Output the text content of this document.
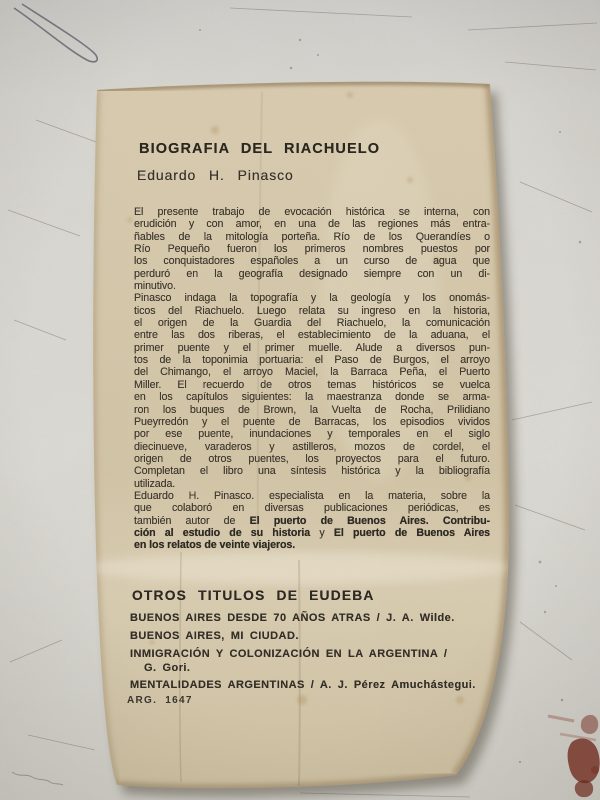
BIOGRAFIA DEL RIACHUELO
Eduardo H. Pinasco
El presente trabajo de evocación histórica se interna, con
erudición y con amor, en una de las regiones más entra-
ñables de la mitología porteña. Río de los Querandíes o
Río Pequeño fueron los primeros nombres puestos por
los conquistadores españoles a un curso de agua que
perduró en la geografía designado siempre con un di-
minutivo.
Pinasco indaga la topografía y la geología y los onomás-
ticos del Riachuelo. Luego relata su ingreso en la historia,
el origen de la Guardia del Riachuelo, la comunicación
entre las dos riberas, el establecimiento de la aduana, el
primer puente y el primer muelle. Alude a diversos pun-
tos de la toponimia portuaria: el Paso de Burgos, el arroyo
del Chimango, el arroyo Maciel, la Barraca Peña, el Puerto
Miller. El recuerdo de otros temas históricos se vuelca
en los capítulos siguientes: la maestranza donde se arma-
ron los buques de Brown, la Vuelta de Rocha, Prilidiano
Pueyrredón y el puente de Barracas, los episodios vividos
por ese puente, inundaciones y temporales en el siglo
diecinueve, varaderos y astilleros, mozos de cordel, el
origen de otros puentes, los proyectos para el futuro.
Completan el libro una síntesis histórica y la bibliografía
utilizada.
Eduardo H. Pinasco. especialista en la materia, sobre la
que colaboró en diversas publicaciones periódicas, es
también autor de El puerto de Buenos Aires. Contribu-
ción al estudio de su historia y El puerto de Buenos Aires
en los relatos de veinte viajeros.
OTROS TITULOS DE EUDEBA
BUENOS AIRES DESDE 70 AÑOS ATRAS / J. A. Wilde.
BUENOS AIRES, MI CIUDAD.
INMIGRACIÓN Y COLONIZACIÓN EN LA ARGENTINA /
G. Gori.
MENTALIDADES ARGENTINAS / A. J. Pérez Amuchástegui.
ARG. 1647
